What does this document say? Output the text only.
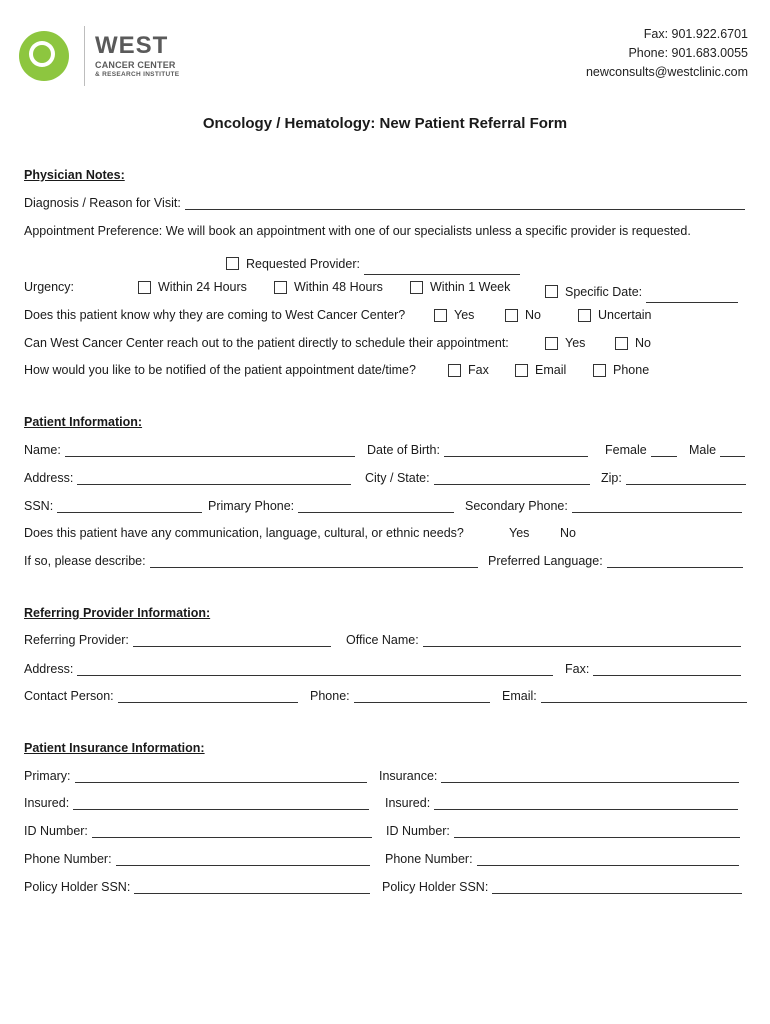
WEST
CANCER CENTER
& RESEARCH INSTITUTE
Fax: 901.922.6701
Phone: 901.683.0055
newconsults@westclinic.com
Oncology / Hematology: New Patient Referral Form
Physician Notes:
Diagnosis / Reason for Visit:
Appointment Preference: We will book an appointment with one of our specialists unless a specific provider is requested.
Requested Provider:
Urgency:	Within 24 Hours	Within 48 Hours	Within 1 Week	Specific Date:
Does this patient know why they are coming to West Cancer Center?	Yes	No	Uncertain
Can West Cancer Center reach out to the patient directly to schedule their appointment:	Yes	No
How would you like to be notified of the patient appointment date/time?	Fax	Email	Phone
Patient Information:
Name:	Date of Birth:	Female	Male
Address:	City / State:	Zip:
SSN:	Primary Phone:	Secondary Phone:
Does this patient have any communication, language, cultural, or ethnic needs?	Yes No
If so, please describe:	Preferred Language:
Referring Provider Information:
Referring Provider:	Office Name:
Address:	Fax:
Contact Person:	Phone:	Email:
Patient Insurance Information:
Primary:	Insurance:
Insured:	Insured:
ID Number:	ID Number:
Phone Number:	Phone Number:
Policy Holder SSN:	Policy Holder SSN:
